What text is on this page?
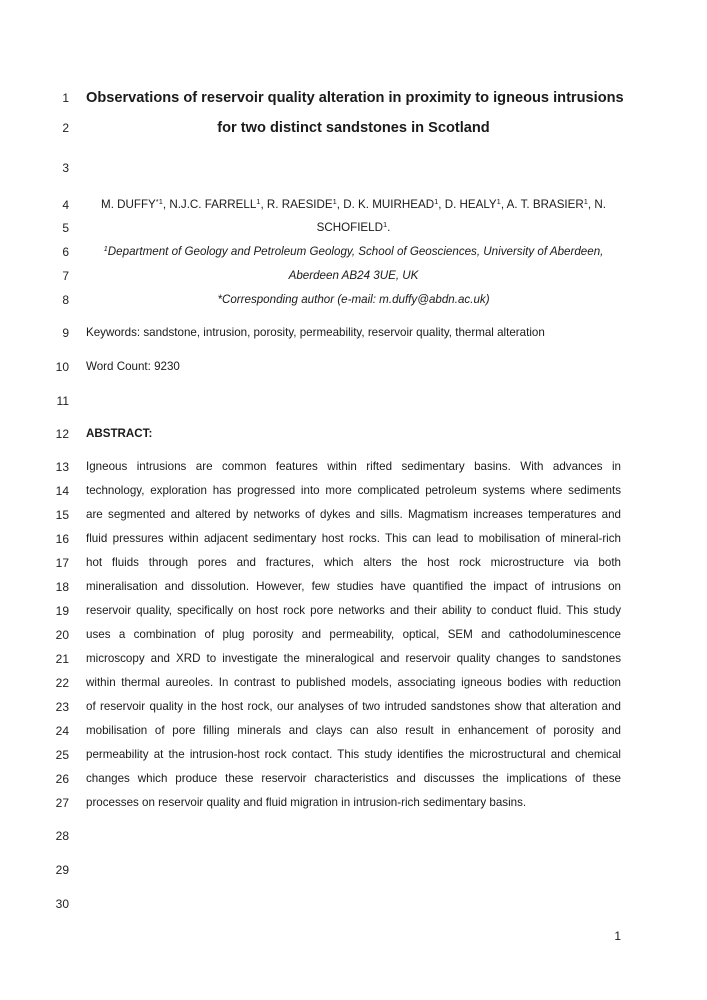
1
2
3
4
5
6
7
8
9
10
11
12
13
14
15
16
17
18
19
20
21
22
23
24
25
26
27
28
29
30
Observations of reservoir quality alteration in proximity to igneous intrusions
for two distinct sandstones in Scotland
M. DUFFY$^{*1}$, N.J.C. FARRELL$^1$, R. RAESIDE$^1$, D. K. MUIRHEAD$^1$, D. HEALY$^1$, A. T. BRASIER$^1$, N.
SCHOFIELD$^1$.
$^1$Department of Geology and Petroleum Geology, School of Geosciences, University of Aberdeen,
Aberdeen AB24 3UE, UK
*Corresponding author (e-mail: m.duffy@abdn.ac.uk)
Keywords: sandstone, intrusion, porosity, permeability, reservoir quality, thermal alteration
Word Count: 9230
ABSTRACT:
Igneous intrusions are common features within rifted sedimentary basins. With advances in
technology, exploration has progressed into more complicated petroleum systems where sediments
are segmented and altered by networks of dykes and sills. Magmatism increases temperatures and
fluid pressures within adjacent sedimentary host rocks. This can lead to mobilisation of mineral-rich
hot fluids through pores and fractures, which alters the host rock microstructure via both
mineralisation and dissolution. However, few studies have quantified the impact of intrusions on
reservoir quality, specifically on host rock pore networks and their ability to conduct fluid. This study
uses a combination of plug porosity and permeability, optical, SEM and cathodoluminescence
microscopy and XRD to investigate the mineralogical and reservoir quality changes to sandstones
within thermal aureoles. In contrast to published models, associating igneous bodies with reduction
of reservoir quality in the host rock, our analyses of two intruded sandstones show that alteration and
mobilisation of pore filling minerals and clays can also result in enhancement of porosity and
permeability at the intrusion-host rock contact. This study identifies the microstructural and chemical
changes which produce these reservoir characteristics and discusses the implications of these
processes on reservoir quality and fluid migration in intrusion-rich sedimentary basins.
1
